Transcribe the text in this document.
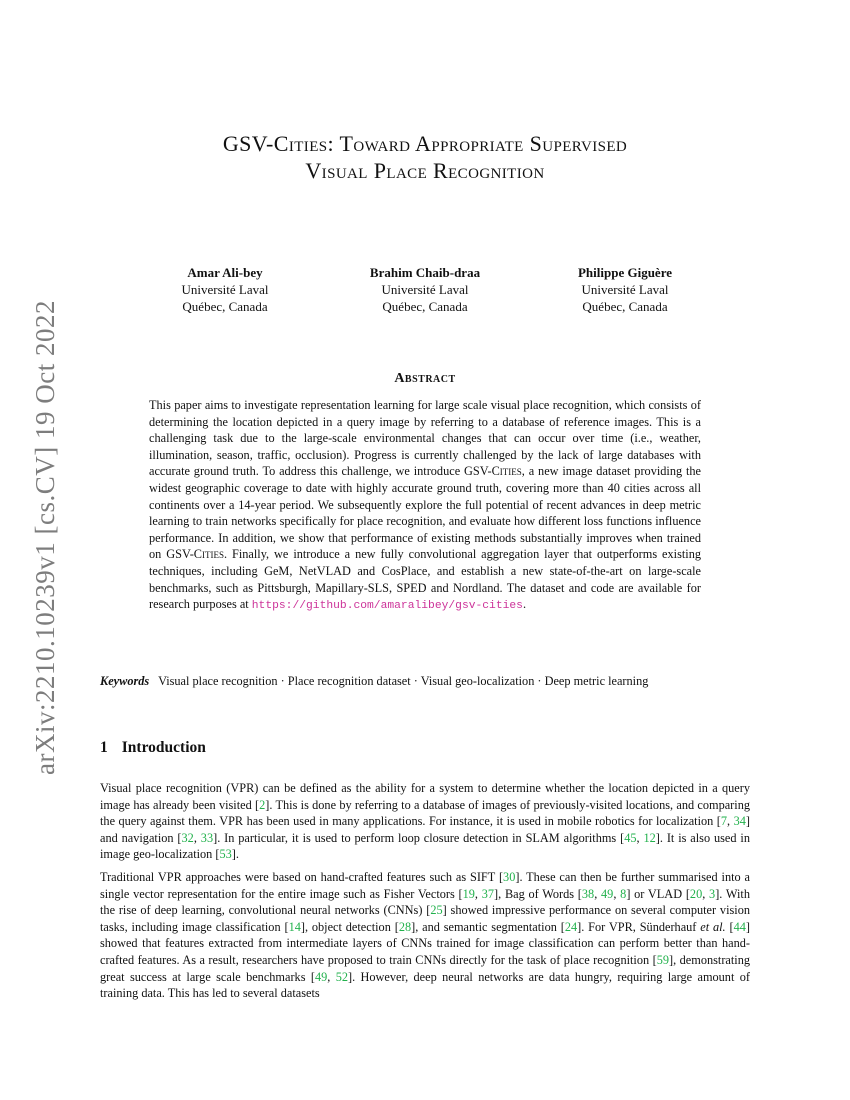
arXiv:2210.10239v1 [cs.CV] 19 Oct 2022
GSV-Cities: Toward Appropriate Supervised
Visual Place Recognition
Amar Ali-bey
Université Laval
Québec, Canada
Brahim Chaib-draa
Université Laval
Québec, Canada
Philippe Giguère
Université Laval
Québec, Canada
Abstract
This paper aims to investigate representation learning for large scale visual place recognition, which consists of determining the location depicted in a query image by referring to a database of reference images. This is a challenging task due to the large-scale environmental changes that can occur over time (i.e., weather, illumination, season, traffic, occlusion). Progress is currently challenged by the lack of large databases with accurate ground truth. To address this challenge, we introduce GSV-Cities, a new image dataset providing the widest geographic coverage to date with highly accurate ground truth, covering more than 40 cities across all continents over a 14-year period. We subsequently explore the full potential of recent advances in deep metric learning to train networks specifically for place recognition, and evaluate how different loss functions influence performance. In addition, we show that performance of existing methods substantially improves when trained on GSV-Cities. Finally, we introduce a new fully convolutional aggregation layer that outperforms existing techniques, including GeM, NetVLAD and CosPlace, and establish a new state-of-the-art on large-scale benchmarks, such as Pittsburgh, Mapillary-SLS, SPED and Nordland. The dataset and code are available for research purposes at https://github.com/amaralibey/gsv-cities.
Keywords Visual place recognition · Place recognition dataset · Visual geo-localization · Deep metric learning
1 Introduction

Visual place recognition (VPR) can be defined as the ability for a system to determine whether the location depicted in a query image has already been visited [2]. This is done by referring to a database of images of previously-visited locations, and comparing the query against them. VPR has been used in many applications. For instance, it is used in mobile robotics for localization [7, 34] and navigation [32, 33]. In particular, it is used to perform loop closure detection in SLAM algorithms [45, 12]. It is also used in image geo-localization [53].

Traditional VPR approaches were based on hand-crafted features such as SIFT [30]. These can then be further summarised into a single vector representation for the entire image such as Fisher Vectors [19, 37], Bag of Words [38, 49, 8] or VLAD [20, 3]. With the rise of deep learning, convolutional neural networks (CNNs) [25] showed impressive performance on several computer vision tasks, including image classification [14], object detection [28], and semantic segmentation [24]. For VPR, Sünderhauf et al. [44] showed that features extracted from intermediate layers of CNNs trained for image classification can perform better than hand-crafted features. As a result, researchers have proposed to train CNNs directly for the task of place recognition [59], demonstrating great success at large scale benchmarks [49, 52]. However, deep neural networks are data hungry, requiring large amount of training data. This has led to several datasets
